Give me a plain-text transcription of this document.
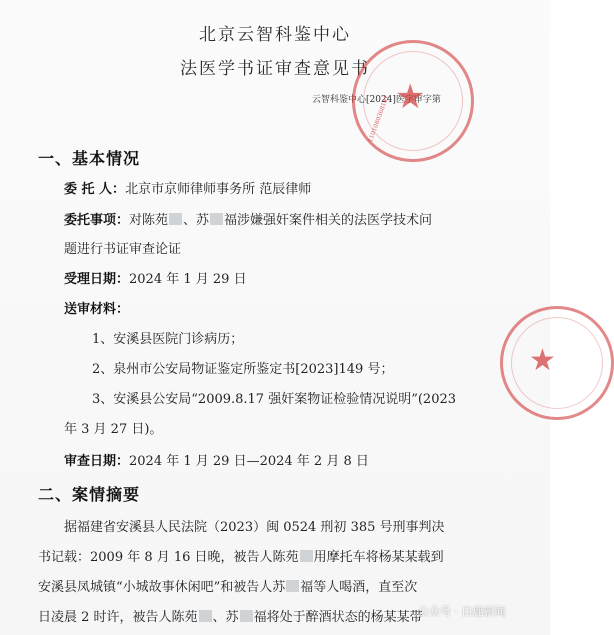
北京云智科鉴中心
法医学书证审查意见书
云智科鉴中心[2024]医字审字第
★
1101080368181
★
一、基本情况
委 托 人：北京市京师律师事务所 范辰律师
委托事项：对陈苑 、苏 福涉嫌强奸案件相关的法医学技术问
题进行书证审查论证
受理日期：2024 年 1 月 29 日
送审材料：
1、安溪县医院门诊病历；
2、泉州市公安局物证鉴定所鉴定书[2023]149 号；
3、安溪县公安局“2009.8.17 强奸案物证检验情况说明”(2023
年 3 月 27 日)。
审查日期：2024 年 1 月 29 日—2024 年 2 月 8 日
二、案情摘要
据福建省安溪县人民法院（2023）闽 0524 刑初 385 号刑事判决
书记载：2009 年 8 月 16 日晚，被告人陈苑 用摩托车将杨某某载到
安溪县凤城镇“小城故事休闲吧”和被告人苏 福等人喝酒，直至次
日凌晨 2 时许，被告人陈苑 、苏 福将处于醉酒状态的杨某某带
公众号 · 白鹿新闻
